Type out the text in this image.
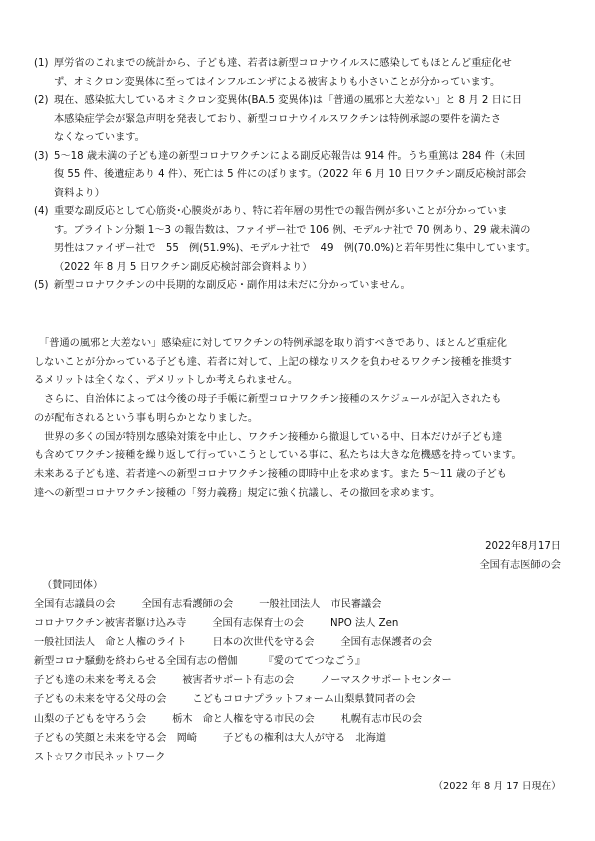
(1) 厚労省のこれまでの統計から、子ども達、若者は新型コロナウイルスに感染してもほとんど重症化せ
ず、オミクロン変異体に至ってはインフルエンザによる被害よりも小さいことが分かっています。
(2) 現在、感染拡大しているオミクロン変異体(BA.5 変異体)は「普通の風邪と大差ない」と 8 月 2 日に日
本感染症学会が緊急声明を発表しており、新型コロナウイルスワクチンは特例承認の要件を満たさ
なくなっています。
(3) 5～18 歳未満の子ども達の新型コロナワクチンによる副反応報告は 914 件。うち重篤は 284 件（未回
復 55 件、後遺症あり 4 件）、死亡は 5 件にのぼります。（2022 年 6 月 10 日ワクチン副反応検討部会
資料より）
(4) 重要な副反応として心筋炎･心膜炎があり、特に若年層の男性での報告例が多いことが分かっていま
す。ブライトン分類 1～3 の報告数は、ファイザー社で 106 例、モデルナ社で 70 例あり、29 歳未満の
男性はファイザー社で　55　例(51.9%)、モデルナ社で　49　例(70.0%)と若年男性に集中しています。
（2022 年 8 月 5 日ワクチン副反応検討部会資料より）
(5) 新型コロナワクチンの中長期的な副反応・副作用は未だに分かっていません。
　「普通の風邪と大差ない」感染症に対してワクチンの特例承認を取り消すべきであり、ほとんど重症化
しないことが分かっている子ども達、若者に対して、上記の様なリスクを負わせるワクチン接種を推奨す
るメリットは全くなく、デメリットしか考えられません。
　さらに、自治体によっては今後の母子手帳に新型コロナワクチン接種のスケジュールが記入されたも
のが配布されるという事も明らかとなりました。
　世界の多くの国が特別な感染対策を中止し、ワクチン接種から撤退している中、日本だけが子ども達
も含めてワクチン接種を繰り返して行っていこうとしている事に、私たちは大きな危機感を持っています。
未来ある子ども達、若者達への新型コロナワクチン接種の即時中止を求めます。また 5～11 歳の子ども
達への新型コロナワクチン接種の「努力義務」規定に強く抗議し、その撤回を求めます。
2022年8月17日
全国有志医師の会
（賛同団体）
全国有志議員の会	全国有志看護師の会	一般社団法人　市民審議会
コロナワクチン被害者駆け込み寺	全国有志保育士の会	NPO 法人 Zen
一般社団法人　命と人権のライト	日本の次世代を守る会	全国有志保護者の会
新型コロナ騒動を終わらせる全国有志の僧伽	『愛のててつなごう』
子ども達の未来を考える会	被害者サポート有志の会	ノーマスクサポートセンター
子どもの未来を守る父母の会	こどもコロナプラットフォーム山梨県賛同者の会
山梨の子どもを守ろう会	栃木　命と人権を守る市民の会	札幌有志市民の会
子どもの笑顔と未来を守る会　岡崎	子どもの権利は大人が守る　北海道
スト☆ワク市民ネットワーク
（2022 年 8 月 17 日現在）
